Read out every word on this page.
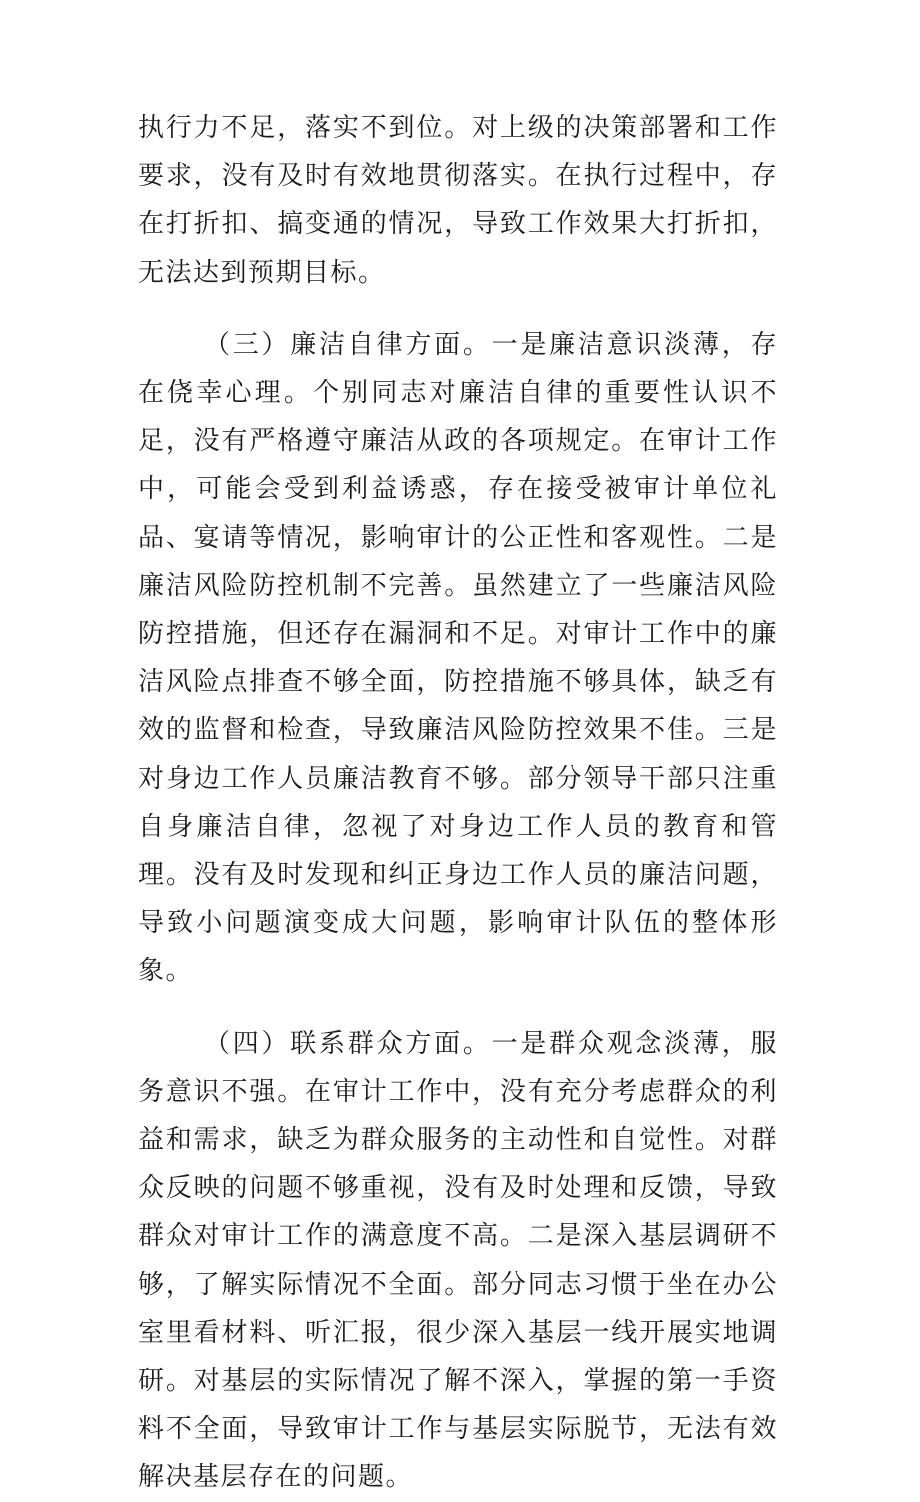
执行力不足，落实不到位。对上级的决策部署和工作要求，没有及时有效地贯彻落实。在执行过程中，存在打折扣、搞变通的情况，导致工作效果大打折扣，无法达到预期目标。

（三）廉洁自律方面。一是廉洁意识淡薄，存在侥幸心理。个别同志对廉洁自律的重要性认识不足，没有严格遵守廉洁从政的各项规定。在审计工作中，可能会受到利益诱惑，存在接受被审计单位礼品、宴请等情况，影响审计的公正性和客观性。二是廉洁风险防控机制不完善。虽然建立了一些廉洁风险防控措施，但还存在漏洞和不足。对审计工作中的廉洁风险点排查不够全面，防控措施不够具体，缺乏有效的监督和检查，导致廉洁风险防控效果不佳。三是对身边工作人员廉洁教育不够。部分领导干部只注重自身廉洁自律，忽视了对身边工作人员的教育和管理。没有及时发现和纠正身边工作人员的廉洁问题，导致小问题演变成大问题，影响审计队伍的整体形象。

（四）联系群众方面。一是群众观念淡薄，服务意识不强。在审计工作中，没有充分考虑群众的利益和需求，缺乏为群众服务的主动性和自觉性。对群众反映的问题不够重视，没有及时处理和反馈，导致群众对审计工作的满意度不高。二是深入基层调研不够，了解实际情况不全面。部分同志习惯于坐在办公室里看材料、听汇报，很少深入基层一线开展实地调研。对基层的实际情况了解不深入，掌握的第一手资料不全面，导致审计工作与基层实际脱节，无法有效解决基层存在的问题。
